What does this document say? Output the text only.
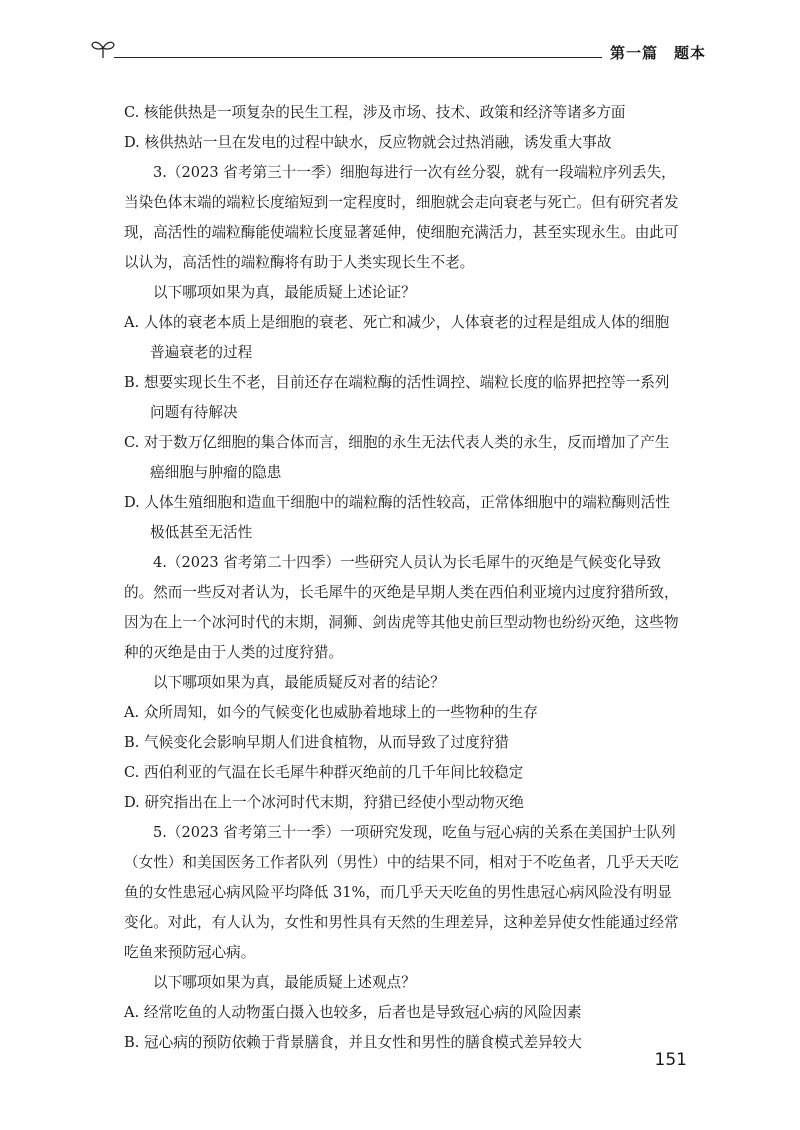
第一篇　题本

C. 核能供热是一项复杂的民生工程，涉及市场、技术、政策和经济等诸多方面

D. 核供热站一旦在发电的过程中缺水，反应物就会过热消融，诱发重大事故

3.（2023 省考第三十一季）细胞每进行一次有丝分裂，就有一段端粒序列丢失，当染色体末端的端粒长度缩短到一定程度时，细胞就会走向衰老与死亡。但有研究者发现，高活性的端粒酶能使端粒长度显著延伸，使细胞充满活力，甚至实现永生。由此可以认为，高活性的端粒酶将有助于人类实现长生不老。

以下哪项如果为真，最能质疑上述论证？

A. 人体的衰老本质上是细胞的衰老、死亡和减少，人体衰老的过程是组成人体的细胞普遍衰老的过程

B. 想要实现长生不老，目前还存在端粒酶的活性调控、端粒长度的临界把控等一系列问题有待解决

C. 对于数万亿细胞的集合体而言，细胞的永生无法代表人类的永生，反而增加了产生癌细胞与肿瘤的隐患

D. 人体生殖细胞和造血干细胞中的端粒酶的活性较高，正常体细胞中的端粒酶则活性极低甚至无活性

4.（2023 省考第二十四季）一些研究人员认为长毛犀牛的灭绝是气候变化导致的。然而一些反对者认为，长毛犀牛的灭绝是早期人类在西伯利亚境内过度狩猎所致，因为在上一个冰河时代的末期，洞狮、剑齿虎等其他史前巨型动物也纷纷灭绝，这些物种的灭绝是由于人类的过度狩猎。

以下哪项如果为真，最能质疑反对者的结论？

A. 众所周知，如今的气候变化也威胁着地球上的一些物种的生存

B. 气候变化会影响早期人们进食植物，从而导致了过度狩猎

C. 西伯利亚的气温在长毛犀牛种群灭绝前的几千年间比较稳定

D. 研究指出在上一个冰河时代末期，狩猎已经使小型动物灭绝

5.（2023 省考第三十一季）一项研究发现，吃鱼与冠心病的关系在美国护士队列（女性）和美国医务工作者队列（男性）中的结果不同，相对于不吃鱼者，几乎天天吃鱼的女性患冠心病风险平均降低 31%，而几乎天天吃鱼的男性患冠心病风险没有明显变化。对此，有人认为，女性和男性具有天然的生理差异，这种差异使女性能通过经常吃鱼来预防冠心病。

以下哪项如果为真，最能质疑上述观点？

A. 经常吃鱼的人动物蛋白摄入也较多，后者也是导致冠心病的风险因素

B. 冠心病的预防依赖于背景膳食，并且女性和男性的膳食模式差异较大

151
